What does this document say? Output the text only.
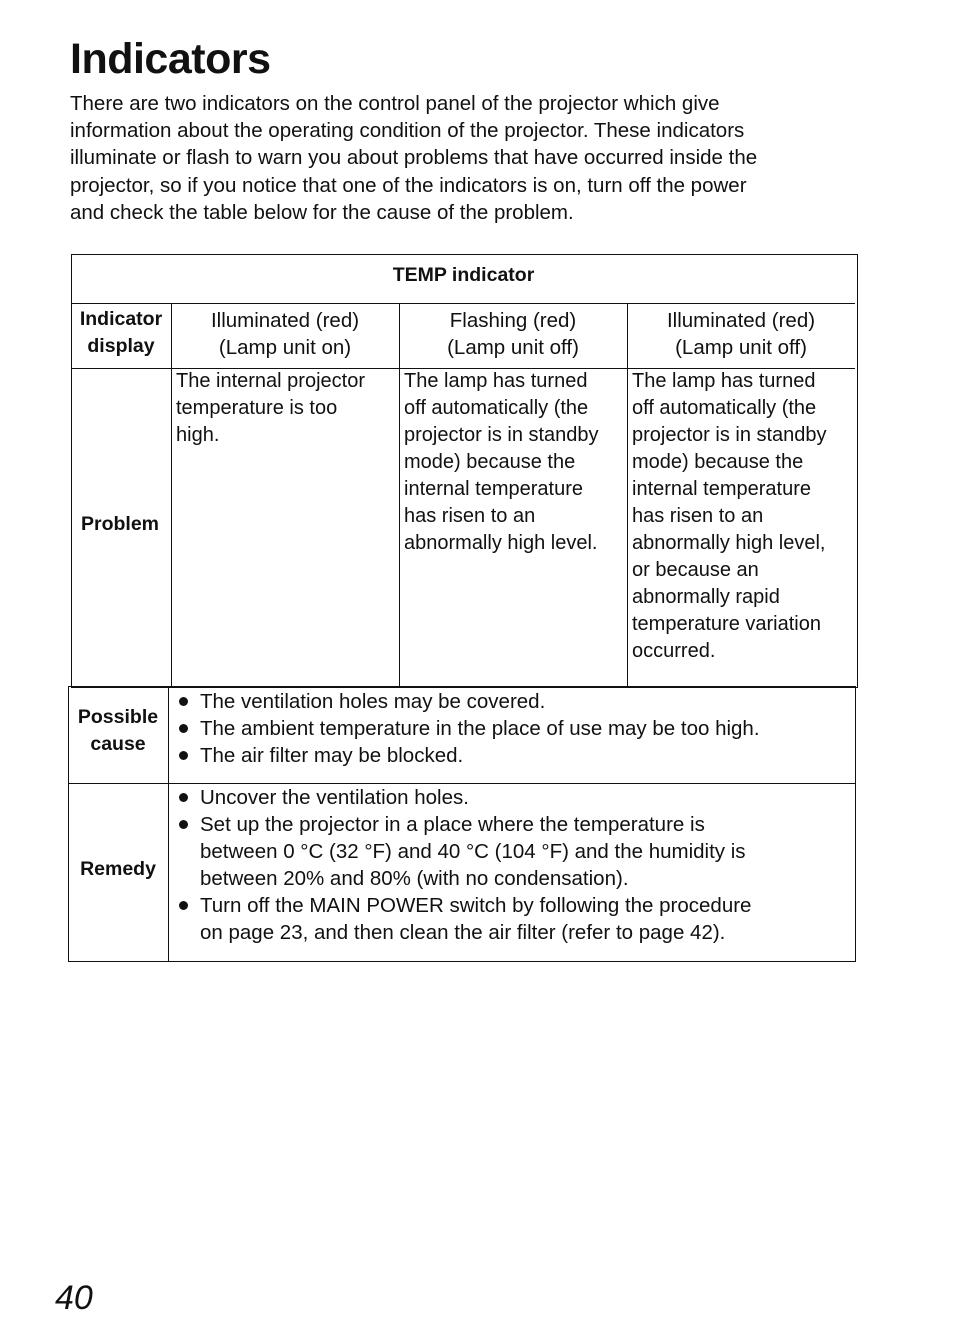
Indicators
There are two indicators on the control panel of the projector which give
information about the operating condition of the projector. These indicators
illuminate or flash to warn you about problems that have occurred inside the
projector, so if you notice that one of the indicators is on, turn off the power
and check the table below for the cause of the problem.
TEMP indicator
Indicator
display
Problem
Possible
cause
Remedy
Illuminated (red)
(Lamp unit on)
Flashing (red)
(Lamp unit off)
Illuminated (red)
(Lamp unit off)
The internal projector
temperature is too
high.
The lamp has turned
off automatically (the
projector is in standby
mode) because the
internal temperature
has risen to an
abnormally high level.
The lamp has turned
off automatically (the
projector is in standby
mode) because the
internal temperature
has risen to an
abnormally high level,
or because an
abnormally rapid
temperature variation
occurred.
The ventilation holes may be covered.
The ambient temperature in the place of use may be too high.
The air filter may be blocked.
Uncover the ventilation holes.
Set up the projector in a place where the temperature is
between 0 °C (32 °F) and 40 °C (104 °F) and the humidity is
between 20% and 80% (with no condensation).
Turn off the MAIN POWER switch by following the procedure
on page 23, and then clean the air filter (refer to page 42).
40
